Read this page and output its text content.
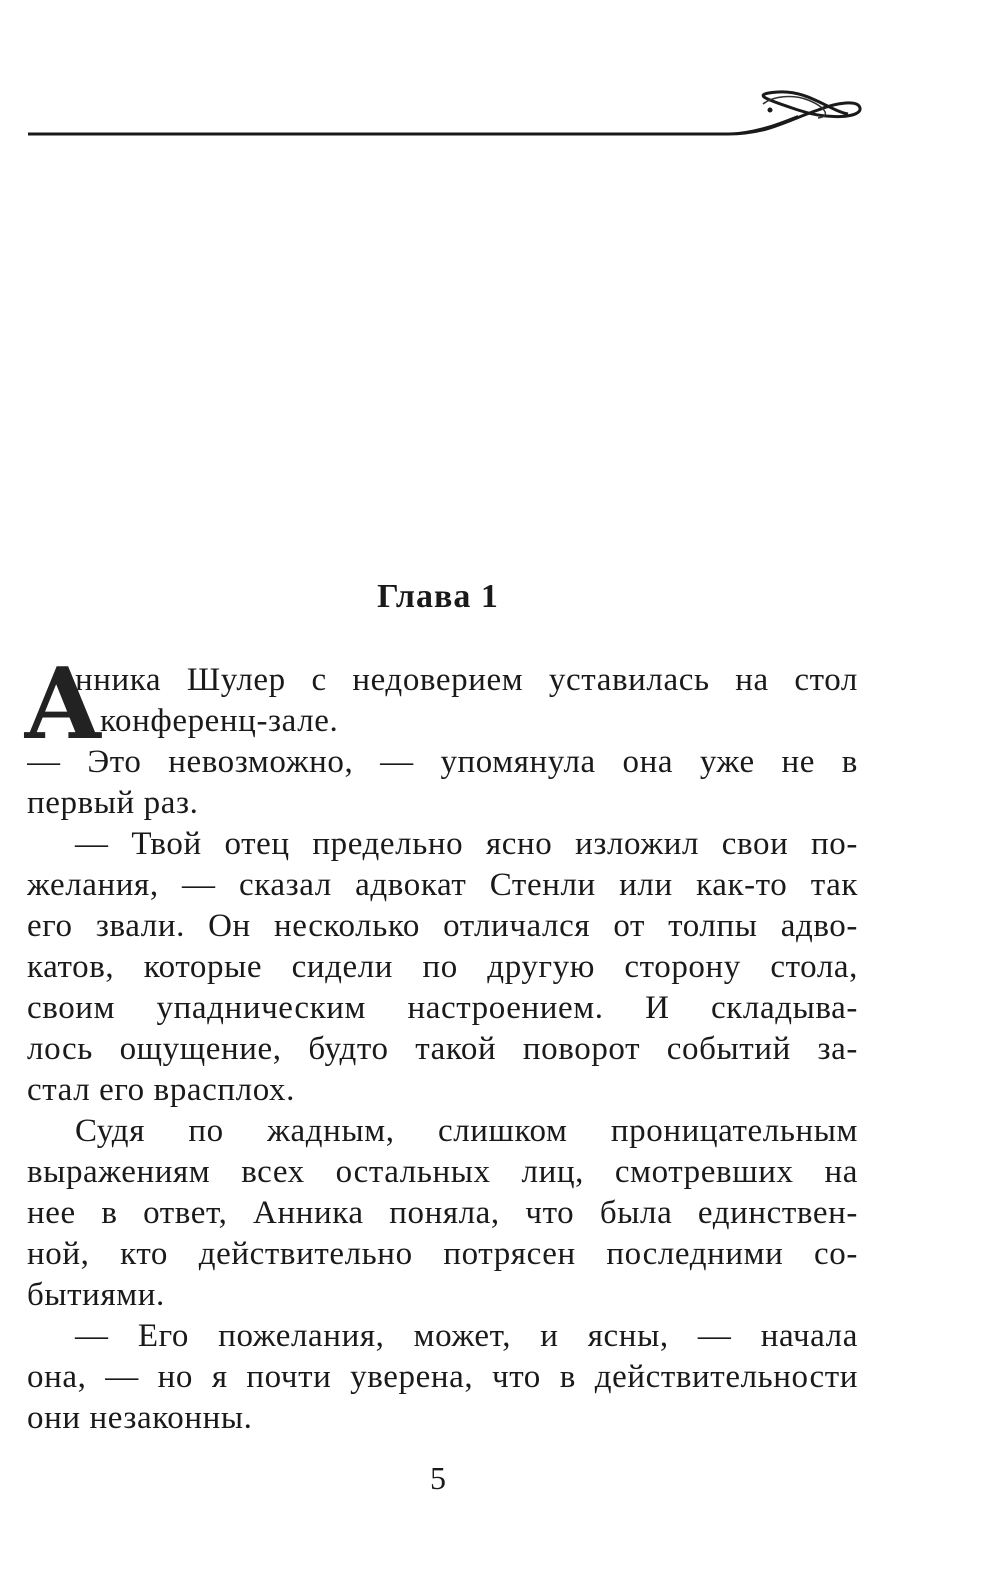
Глава 1
А
нника Шулер с недоверием уставилась на стол
в конференц-зале.
— Это невозможно, — упомянула она уже не в
первый раз.
— Твой отец предельно ясно изложил свои по-
желания, — сказал адвокат Стенли или как-то так
его звали. Он несколько отличался от толпы адво-
катов, которые сидели по другую сторону стола,
своим упадническим настроением. И складыва-
лось ощущение, будто такой поворот событий за-
стал его врасплох.
Судя по жадным, слишком проницательным
выражениям всех остальных лиц, смотревших на
нее в ответ, Анника поняла, что была единствен-
ной, кто действительно потрясен последними со-
бытиями.
— Его пожелания, может, и ясны, — начала
она, — но я почти уверена, что в действительности
они незаконны.
5
